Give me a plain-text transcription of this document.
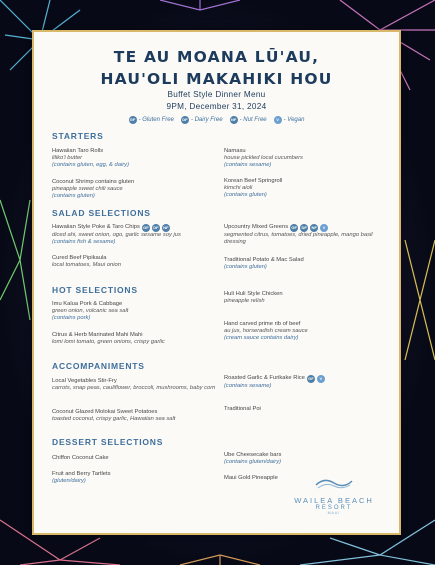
TE AU MOANA LŪ'AU,
HAU'OLI MAKAHIKI HOU
Buffet Style Dinner Menu
9PM, December 31, 2024
GF - Gluten Free	DF - Dairy Free	NF - Nut Free	V - Vegan
STARTERS
Hawaiian Taro Rolls
liliko'i butter
(contains gluten, egg, & dairy)
Coconut Shrimp contains gluten
pineapple sweet chili sauce
(contains gluten)
Namasu
house pickled local cucumbers
(contains sesame)
Korean Beef Springroll
kimchi aioli
(contains gluten)
SALAD SELECTIONS
Hawaiian Style Poke & Taro Chips GF	DF	NF
diced ahi, sweet onion, ogo, garlic sesame soy jus
(contains fish & sesame)
Cured Beef Pipikaula
local tomatoes, Maui onion
Upcountry Mixed Greens GF	DF	NF	V
segmented citrus, tomatoes, dried pineapple, mango basil dressing
Traditional Potato & Mac Salad
(contains gluten)
HOT SELECTIONS
Imu Kalua Pork & Cabbage
green onion, volcanic sea salt
(contains pork)
Citrus & Herb Marinated Mahi Mahi
lomi lomi tomato, green onions, crispy garlic
Huli Huli Style Chicken
pineapple relish
Hand carved prime rib of beef
au jus, horseradish cream sauce
(cream sauce contains dairy)
ACCOMPANIMENTS
Local Vegetables Stir-Fry
carrots, snap peas, cauliflower, broccoli, mushrooms, baby corn
Coconut Glazed Molokai Sweet Potatoes
toasted coconut, crispy garlic, Hawaiian sea salt
Roasted Garlic & Furikake Rice GF	V
(contains sesame)
Traditional Poi
DESSERT SELECTIONS
Chiffon Coconut Cake
Fruit and Berry Tartlets
(gluten/dairy)
Ube Cheesecake bars
(contains gluten/dairy)
Maui Gold Pineapple
WAILEA BEACH
RESORT
MAUI
